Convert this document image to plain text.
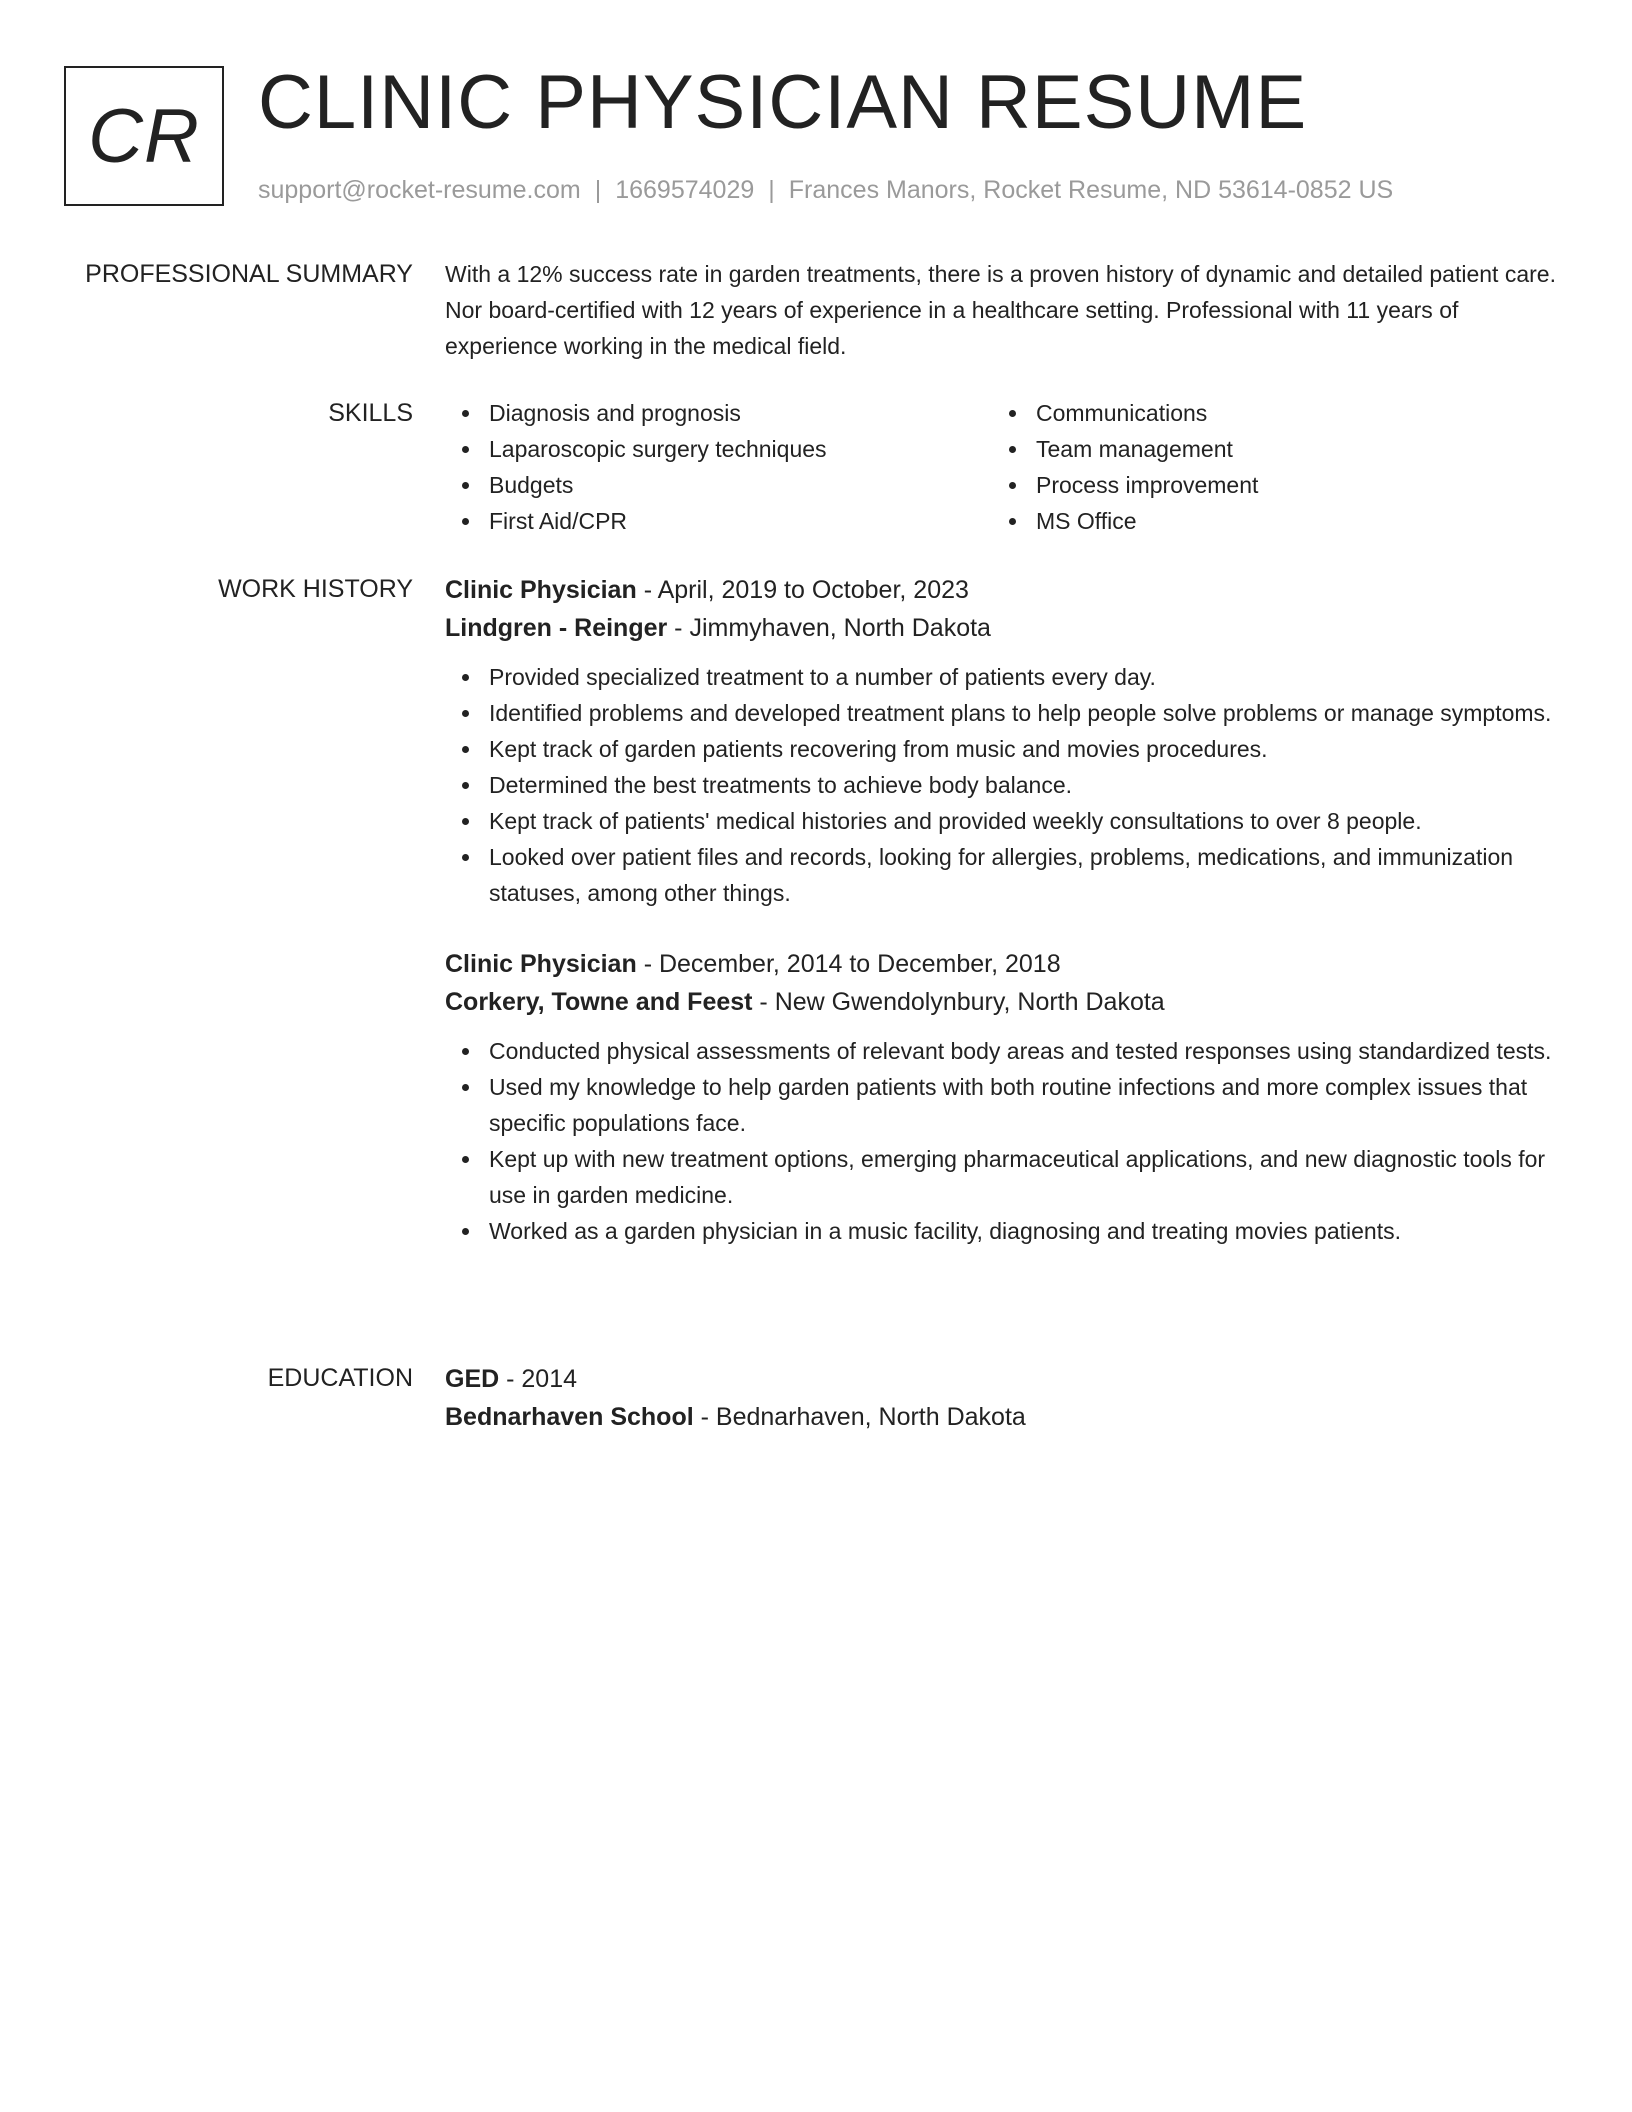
CR CLINIC PHYSICIAN RESUME
support@rocket-resume.com | 1669574029 | Frances Manors, Rocket Resume, ND 53614-0852 US
PROFESSIONAL SUMMARY With a 12% success rate in garden treatments, there is a proven history of dynamic and detailed patient care. Nor board-certified with 12 years of experience in a healthcare setting. Professional with 11 years of experience working in the medical field.

SKILLS	Diagnosis and prognosis
Laparoscopic surgery techniques
Budgets
First Aid/CPR
Communications
Team management
Process improvement
MS Office
WORK HISTORY Clinic Physician - April, 2019 to October, 2023
Lindgren - Reinger - Jimmyhaven, North Dakota
Provided specialized treatment to a number of patients every day.
Identified problems and developed treatment plans to help people solve problems or manage symptoms.
Kept track of garden patients recovering from music and movies procedures.
Determined the best treatments to achieve body balance.
Kept track of patients' medical histories and provided weekly consultations to over 8 people.
Looked over patient files and records, looking for allergies, problems, medications, and immunization statuses, among other things.
Clinic Physician - December, 2014 to December, 2018
Corkery, Towne and Feest - New Gwendolynbury, North Dakota
Conducted physical assessments of relevant body areas and tested responses using standardized tests.
Used my knowledge to help garden patients with both routine infections and more complex issues that specific populations face.
Kept up with new treatment options, emerging pharmaceutical applications, and new diagnostic tools for use in garden medicine.
Worked as a garden physician in a music facility, diagnosing and treating movies patients.
EDUCATION GED - 2014
Bednarhaven School - Bednarhaven, North Dakota
